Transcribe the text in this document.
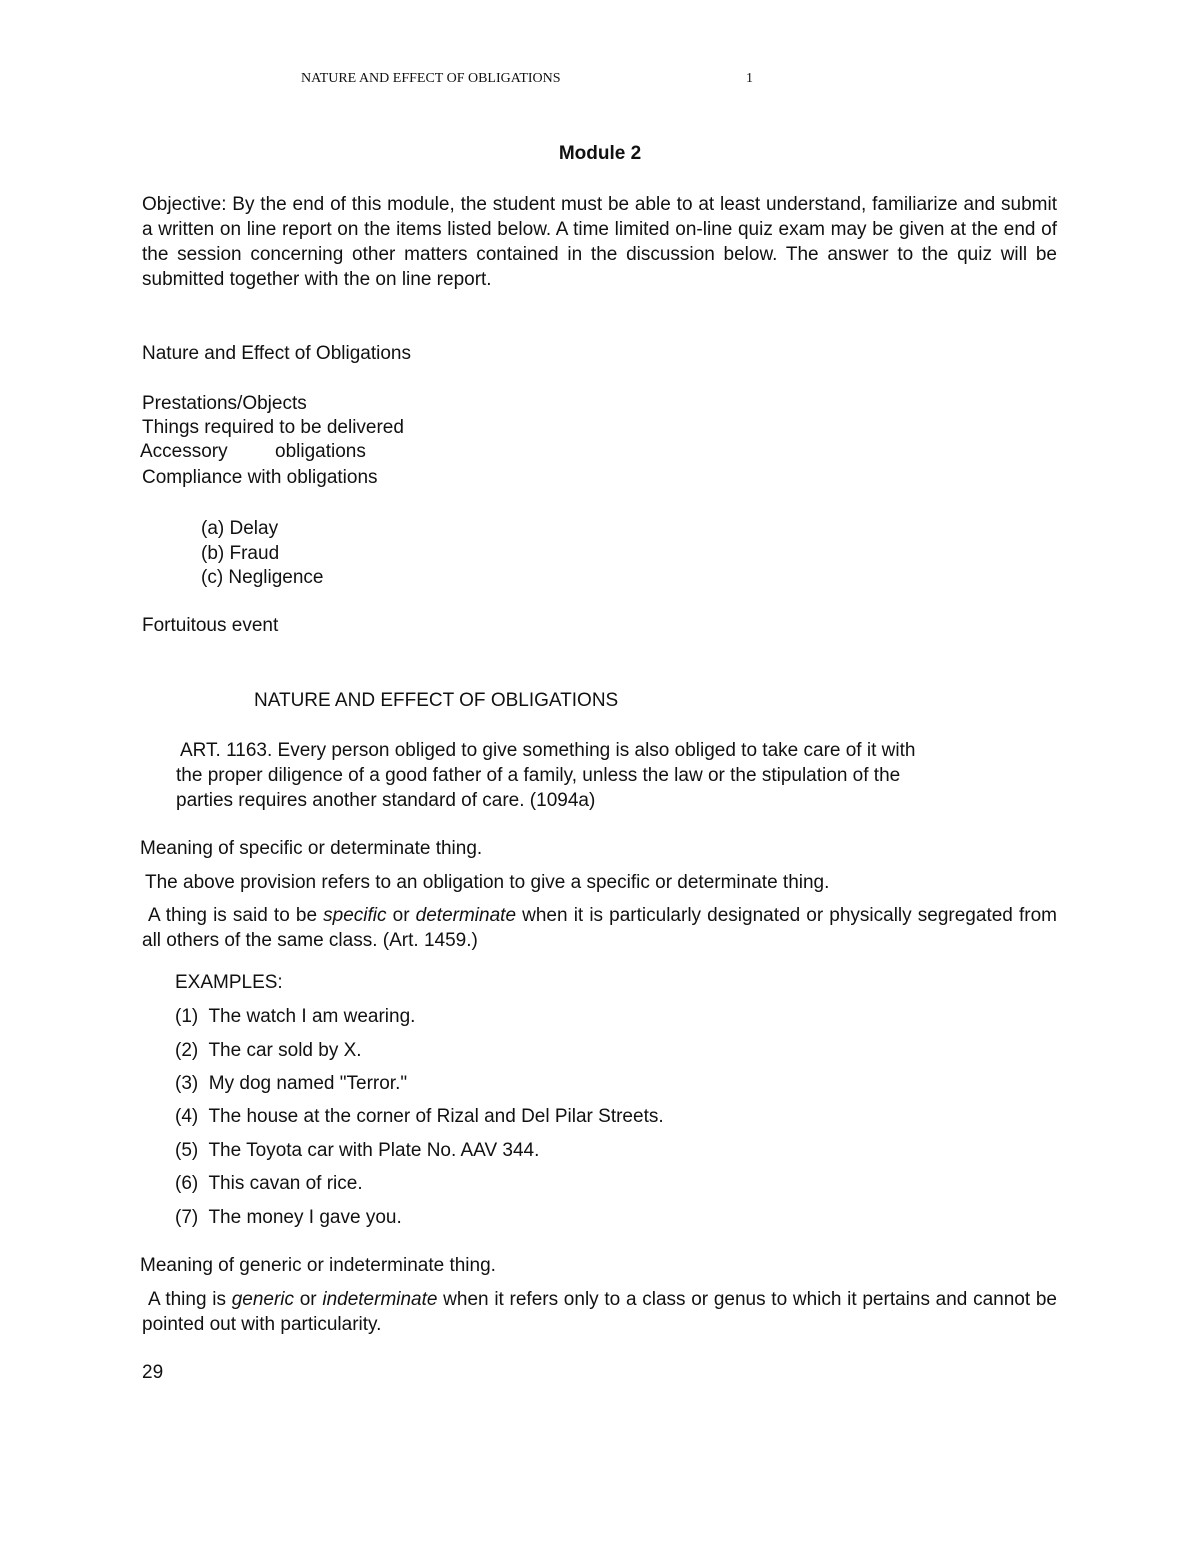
NATURE AND EFFECT OF OBLIGATIONS	1

Module 2

Objective: By the end of this module, the student must be able to at least understand, familiarize and submit a written on line report on the items listed below. A time limited on-line quiz exam may be given at the end of the session concerning other matters contained in the discussion below. The answer to the quiz will be submitted together with the on line report.

Nature and Effect of Obligations

Prestations/Objects

Things required to be delivered

Accessory obligations

Compliance with obligations

(a) Delay

(b) Fraud

(c) Negligence

Fortuitous event

NATURE AND EFFECT OF OBLIGATIONS

ART. 1163. Every person obliged to give something is also obliged to take care of it with

the proper diligence of a good father of a family, unless the law or the stipulation of the

parties requires another standard of care. (1094a)

Meaning of specific or determinate thing.

The above provision refers to an obligation to give a specific or determinate thing.

A thing is said to be specific or determinate when it is particularly designated or physically segregated from all others of the same class. (Art. 1459.)

EXAMPLES:

(1) The watch I am wearing.

(2) The car sold by X.

(3) My dog named "Terror."

(4) The house at the corner of Rizal and Del Pilar Streets.

(5) The Toyota car with Plate No. AAV 344.

(6) This cavan of rice.

(7) The money I gave you.

Meaning of generic or indeterminate thing.

A thing is generic or indeterminate when it refers only to a class or genus to which it pertains and cannot be pointed out with particularity.

29
